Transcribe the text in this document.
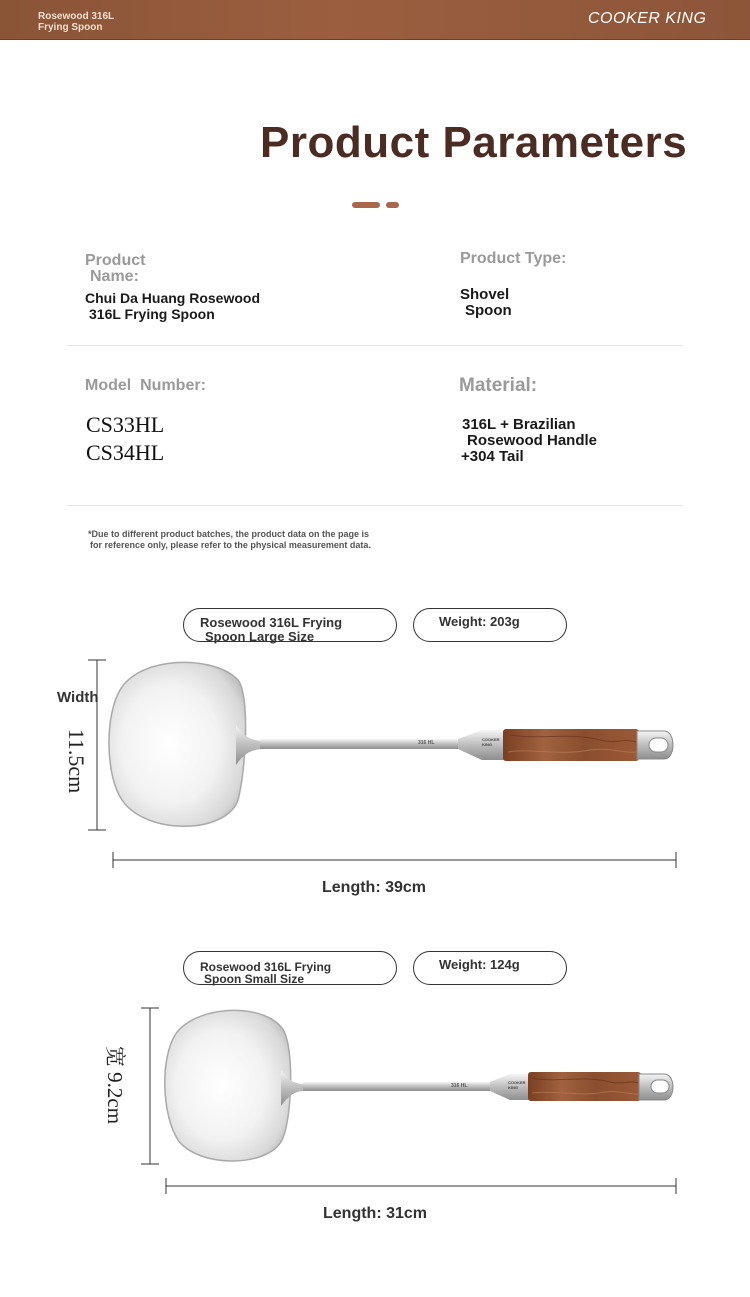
Rosewood 316L
Frying Spoon
COOKER KING
Product Parameters
Product
Name:
Chui Da Huang Rosewood
316L Frying Spoon
Product Type:
Shovel
Spoon
Model  Number:
CS33HL
CS34HL
Material:
316L + Brazilian
Rosewood Handle
+304 Tail
*Due to different product batches, the product data on the page is
for reference only, please refer to the physical measurement data.
Rosewood 316L Frying
Spoon Large Size
Weight: 203g
316 HL
COOKER KING
316 HL
COOKER KING
Width
11.5cm
Length: 39cm
Rosewood 316L Frying
Spoon Small Size
Weight: 124g
宽 9.2cm
Length: 31cm
